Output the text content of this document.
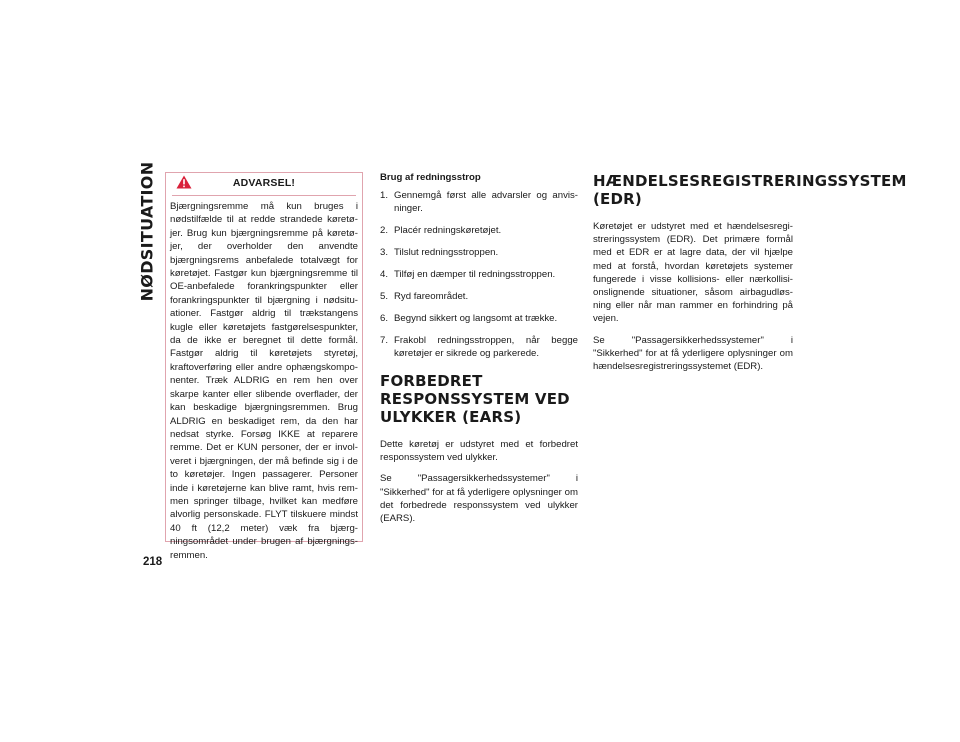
NØDSITUATION
218
ADVARSEL!
Bjærgningsremme må kun bruges i nødstilfælde til at redde strandede køretøjer. Brug kun bjærgningsremme på køretøjer, der overholder den anvendte bjærgningsrems anbefalede totalvægt for køretøjet. Fastgør kun bjærgningsremme til OE-anbefalede forankringspunkter eller forankringspunkter til bjærgning i nødsituationer. Fastgør aldrig til trækstangens kugle eller køretøjets fastgørelsespunkter, da de ikke er beregnet til dette formål. Fastgør aldrig til køretøjets styretøj, kraftoverføring eller andre ophængskomponenter. Træk ALDRIG en rem hen over skarpe kanter eller slibende overflader, der kan beskadige bjærgningsremmen. Brug ALDRIG en beskadiget rem, da den har nedsat styrke. Forsøg IKKE at reparere remme. Det er KUN personer, der er involveret i bjærgningen, der må befinde sig i de to køretøjer. Ingen passagerer. Personer inde i køretøjerne kan blive ramt, hvis remmen springer tilbage, hvilket kan medføre alvorlig personskade. FLYT tilskuere mindst 40 ft (12,2 meter) væk fra bjærgningsområdet under brugen af bjærgningsremmen.
Brug af redningsstrop
1. Gennemgå først alle advarsler og anvisninger.
2. Placér redningskøretøjet.
3. Tilslut redningsstroppen.
4. Tilføj en dæmper til redningsstroppen.
5. Ryd fareområdet.
6. Begynd sikkert og langsomt at trække.
7. Frakobl redningsstroppen, når begge køretøjer er sikrede og parkerede.
FORBEDRET RESPONSSYSTEM VED ULYKKER (EARS)

Dette køretøj er udstyret med et forbedret responssystem ved ulykker.

Se "Passagersikkerhedssystemer" i "Sikkerhed" for at få yderligere oplysninger om det forbedrede responssystem ved ulykker (EARS).

HÆNDELSESREGISTRERINGSSYSTEM (EDR)

Køretøjet er udstyret med et hændelsesregistreringssystem (EDR). Det primære formål med et EDR er at lagre data, der vil hjælpe med at forstå, hvordan køretøjets systemer fungerede i visse kollisions- eller nærkollisionslignende situationer, såsom airbagudløsning eller når man rammer en forhindring på vejen.

Se "Passagersikkerhedssystemer" i "Sikkerhed" for at få yderligere oplysninger om hændelsesregistreringssystemet (EDR).
